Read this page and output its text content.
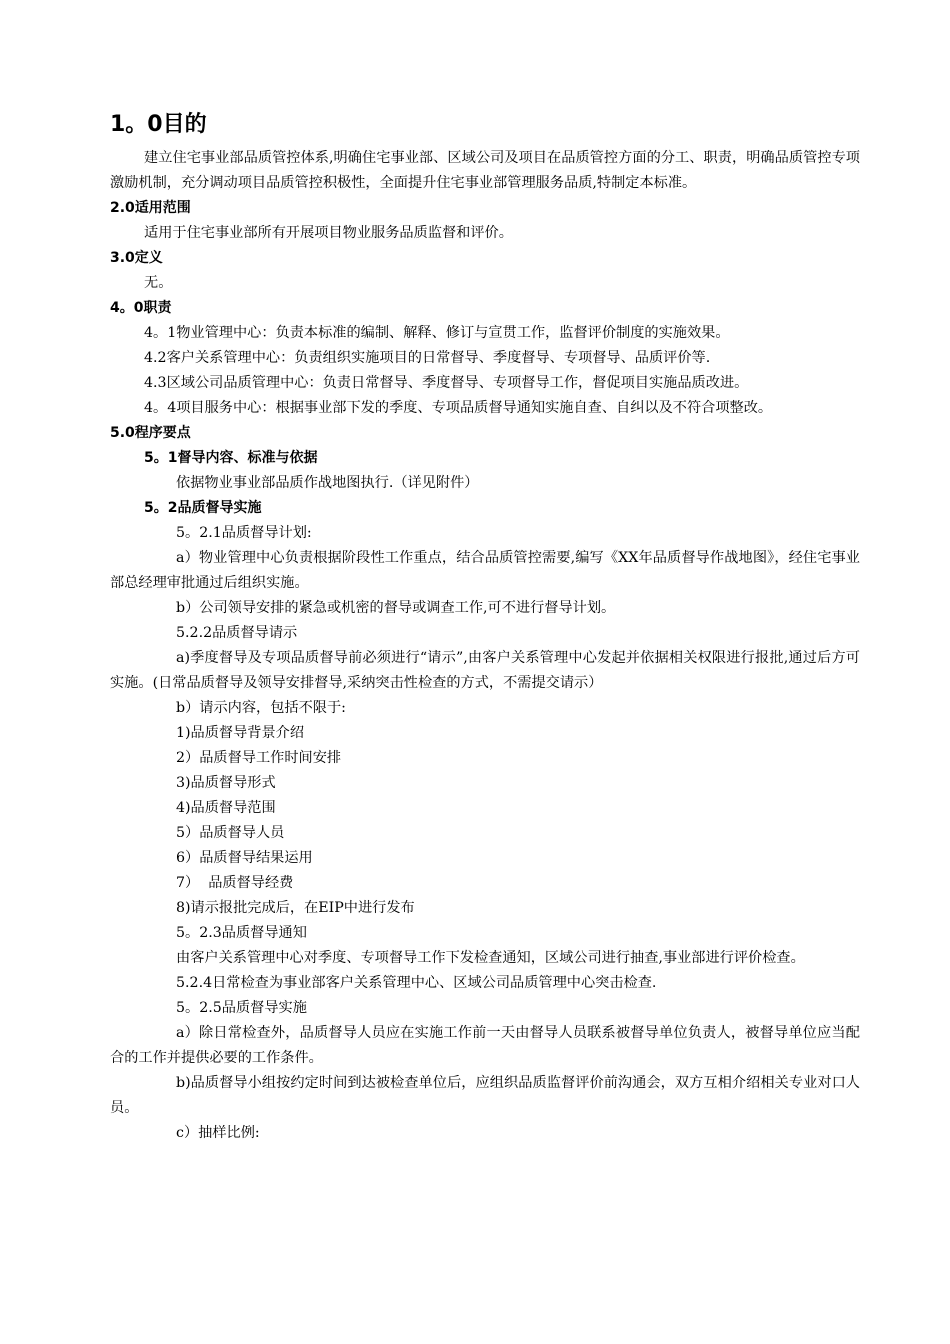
1。0目的

建立住宅事业部品质管控体系,明确住宅事业部、区域公司及项目在品质管控方面的分工、职责，明确品质管控专项激励机制，充分调动项目品质管控积极性，全面提升住宅事业部管理服务品质,特制定本标准。

2.0适用范围

适用于住宅事业部所有开展项目物业服务品质监督和评价。

3.0定义

无。

4。0职责

4。1物业管理中心：负责本标准的编制、解释、修订与宣贯工作，监督评价制度的实施效果。

4.2客户关系管理中心：负责组织实施项目的日常督导、季度督导、专项督导、品质评价等.

4.3区域公司品质管理中心：负责日常督导、季度督导、专项督导工作，督促项目实施品质改进。

4。4项目服务中心：根据事业部下发的季度、专项品质督导通知实施自查、自纠以及不符合项整改。

5.0程序要点
5。1督导内容、标准与依据

依据物业事业部品质作战地图执行.（详见附件）

5。2品质督导实施

5。2.1品质督导计划:

a）物业管理中心负责根据阶段性工作重点，结合品质管控需要,编写《XX年品质督导作战地图》，经住宅事业部总经理审批通过后组织实施。

b）公司领导安排的紧急或机密的督导或调查工作,可不进行督导计划。

5.2.2品质督导请示

a)季度督导及专项品质督导前必须进行“请示”,由客户关系管理中心发起并依据相关权限进行报批,通过后方可实施。(日常品质督导及领导安排督导,采纳突击性检查的方式，不需提交请示）

b）请示内容，包括不限于:

1)品质督导背景介绍

2）品质督导工作时间安排

3)品质督导形式

4)品质督导范围

5）品质督导人员

6）品质督导结果运用

7）  品质督导经费

8)请示报批完成后，在EIP中进行发布

5。2.3品质督导通知

由客户关系管理中心对季度、专项督导工作下发检查通知，区域公司进行抽查,事业部进行评价检查。

5.2.4日常检查为事业部客户关系管理中心、区域公司品质管理中心突击检查.

5。2.5品质督导实施

a）除日常检查外，品质督导人员应在实施工作前一天由督导人员联系被督导单位负责人，被督导单位应当配合的工作并提供必要的工作条件。

b)品质督导小组按约定时间到达被检查单位后，应组织品质监督评价前沟通会，双方互相介绍相关专业对口人员。

c）抽样比例:
